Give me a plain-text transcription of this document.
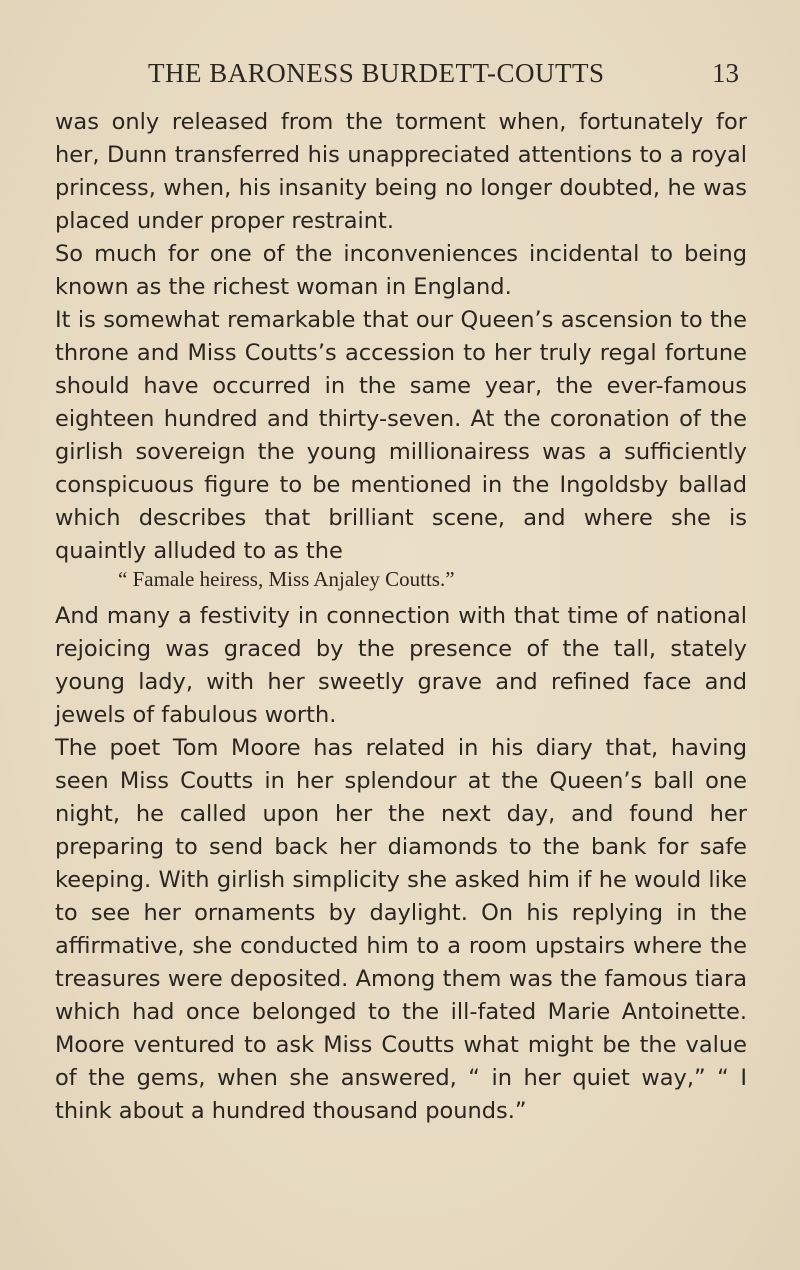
THE BARONESS BURDETT-COUTTS	13

was only released from the torment when, fortunately for her, Dunn transferred his unappreciated attentions to a royal princess, when, his insanity being no longer doubted, he was placed under proper restraint.

So much for one of the inconveniences incidental to being known as the richest woman in England.

It is somewhat remarkable that our Queen’s ascension to the throne and Miss Coutts’s accession to her truly regal fortune should have occurred in the same year, the ever-famous eighteen hundred and thirty-seven. At the coronation of the girlish sovereign the young millionairess was a sufficiently conspicuous figure to be mentioned in the Ingoldsby ballad which describes that brilliant scene, and where she is quaintly alluded to as the

“ Famale heiress, Miss Anjaley Coutts.”

And many a festivity in connection with that time of national rejoicing was graced by the presence of the tall, stately young lady, with her sweetly grave and refined face and jewels of fabulous worth.

The poet Tom Moore has related in his diary that, having seen Miss Coutts in her splendour at the Queen’s ball one night, he called upon her the next day, and found her preparing to send back her diamonds to the bank for safe keeping. With girlish simplicity she asked him if he would like to see her ornaments by daylight. On his replying in the affirmative, she conducted him to a room upstairs where the treasures were deposited. Among them was the famous tiara which had once belonged to the ill-fated Marie Antoinette. Moore ventured to ask Miss Coutts what might be the value of the gems, when she answered, “ in her quiet way,” “ I think about a hundred thousand pounds.”
